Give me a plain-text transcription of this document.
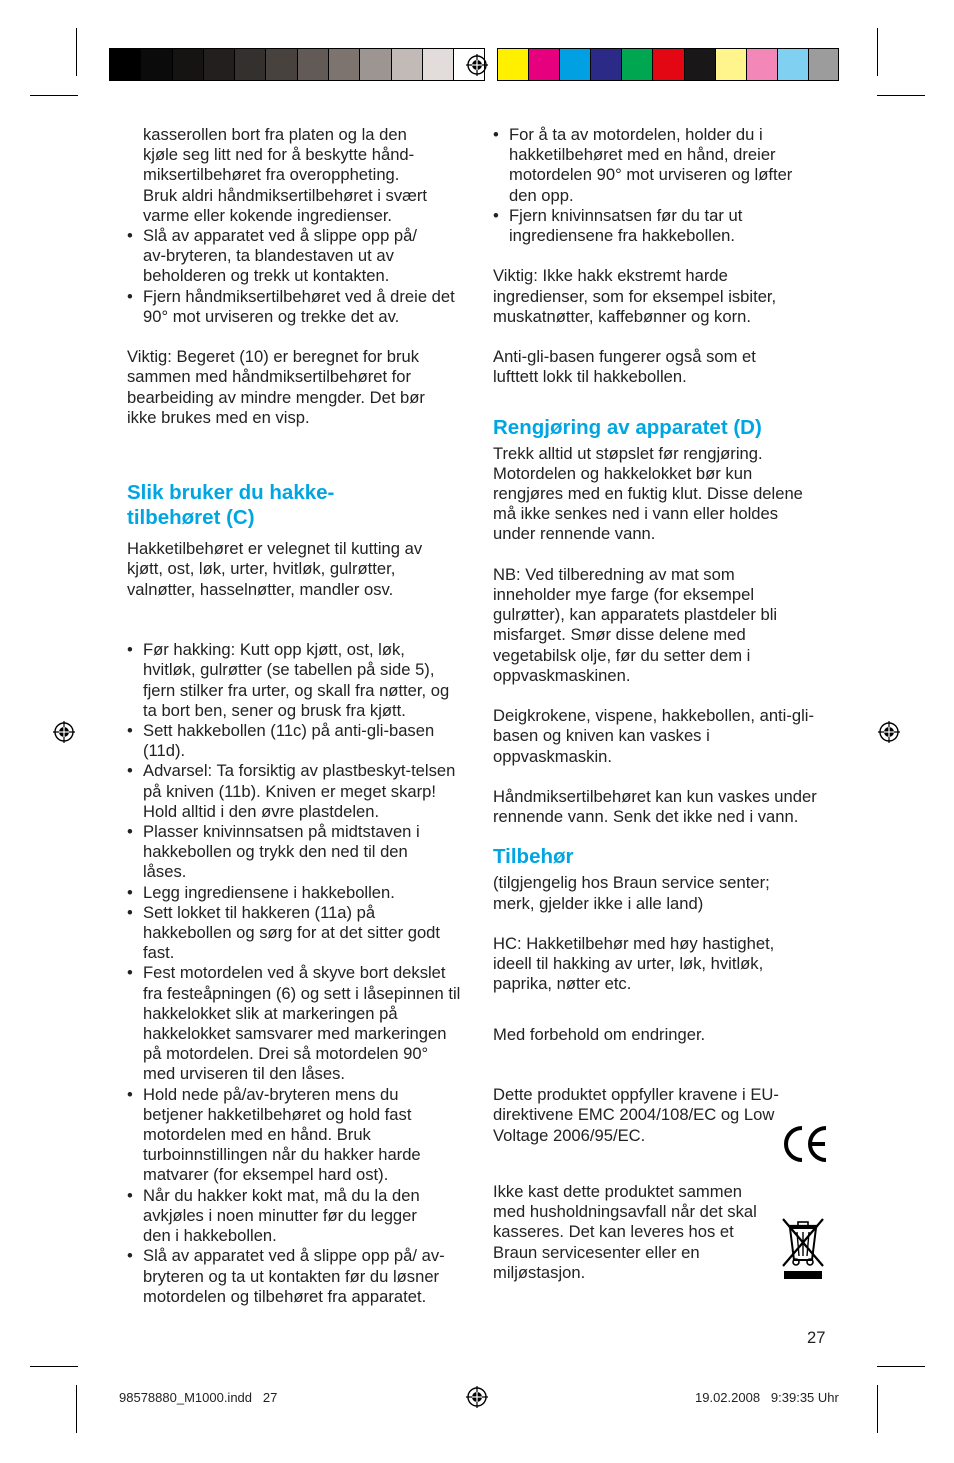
kasserollen bort fra platen og la den
kjøle seg litt ned for å beskytte hånd-
miksertilbehøret fra overoppheting.
Bruk aldri håndmiksertilbehøret i svært
varme eller kokende ingredienser.
• Slå av apparatet ved å slippe opp på/ av-bryteren, ta blandestaven ut av beholderen og trekk ut kontakten.
• Fjern håndmiksertilbehøret ved å dreie det 90° mot urviseren og trekke det av.

Viktig: Begeret (10) er beregnet for bruk sammen med håndmiksertilbehøret for bearbeiding av mindre mengder. Det bør ikke brukes med en visp.

Slik bruker du hakke-
tilbehøret (C)

Hakketilbehøret er velegnet til kutting av kjøtt, ost, løk, urter, hvitløk, gulrøtter, valnøtter, hasselnøtter, mandler osv.

• Før hakking: Kutt opp kjøtt, ost, løk, hvitløk, gulrøtter (se tabellen på side 5), fjern stilker fra urter, og skall fra nøtter, og ta bort ben, sener og brusk fra kjøtt.
• Sett hakkebollen (11c) på anti-gli-basen (11d).
• Advarsel: Ta forsiktig av plastbeskyt-telsen på kniven (11b). Kniven er meget skarp! Hold alltid i den øvre plastdelen.
• Plasser knivinnsatsen på midtstaven i hakkebollen og trykk den ned til den låses.
• Legg ingrediensene i hakkebollen.
• Sett lokket til hakkeren (11a) på hakkebollen og sørg for at det sitter godt fast.
• Fest motordelen ved å skyve bort dekslet fra festeåpningen (6) og sett i låsepinnen til hakkelokket slik at markeringen på hakkelokket samsvarer med markeringen på motordelen. Drei så motordelen 90° med urviseren til den låses.
• Hold nede på/av-bryteren mens du betjener hakketilbehøret og hold fast motordelen med en hånd. Bruk turboinnstillingen når du hakker harde matvarer (for eksempel hard ost).
• Når du hakker kokt mat, må du la den avkjøles i noen minutter før du legger den i hakkebollen.
• Slå av apparatet ved å slippe opp på/ av-bryteren og ta ut kontakten før du løsner motordelen og tilbehøret fra apparatet.
• For å ta av motordelen, holder du i hakketilbehøret med en hånd, dreier motordelen 90° mot urviseren og løfter den opp.
• Fjern knivinnsatsen før du tar ut ingrediensene fra hakkebollen.

Viktig: Ikke hakk ekstremt harde ingredienser, som for eksempel isbiter, muskatnøtter, kaffebønner og korn.

Anti-gli-basen fungerer også som et lufttett lokk til hakkebollen.

Rengjøring av apparatet (D)

Trekk alltid ut støpslet før rengjøring. Motordelen og hakkelokket bør kun rengjøres med en fuktig klut. Disse delene må ikke senkes ned i vann eller holdes under rennende vann.

NB: Ved tilberedning av mat som inneholder mye farge (for eksempel gulrøtter), kan apparatets plastdeler bli misfarget. Smør disse delene med vegetabilsk olje, før du setter dem i oppvaskmaskinen.

Deigkrokene, vispene, hakkebollen, anti-gli-basen og kniven kan vaskes i oppvaskmaskin.

Håndmiksertilbehøret kan kun vaskes under rennende vann. Senk det ikke ned i vann.

Tilbehør

(tilgjengelig hos Braun service senter; merk, gjelder ikke i alle land)

HC: Hakketilbehør med høy hastighet, ideell til hakking av urter, løk, hvitløk, paprika, nøtter etc.

Med forbehold om endringer.

Dette produktet oppfyller kravene i EU-direktivene EMC 2004/108/EC og Low Voltage 2006/95/EC.

Ikke kast dette produktet sammen med husholdningsavfall når det skal kasseres. Det kan leveres hos et Braun servicesenter eller en miljøstasjon.

27
98578880_M1000.indd   27	19.02.2008   9:39:35 Uhr
